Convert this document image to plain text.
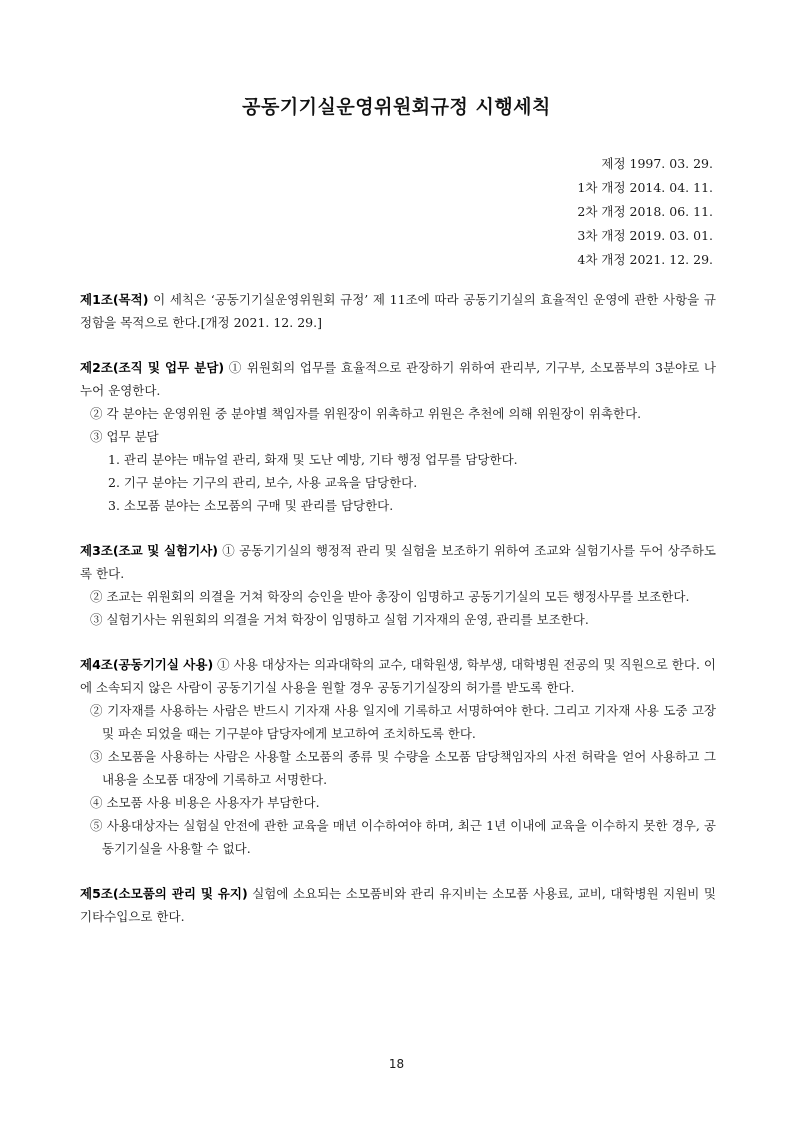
공동기기실운영위원회규정 시행세칙
제정 1997. 03. 29.
1차 개정 2014. 04. 11.
2차 개정 2018. 06. 11.
3차 개정 2019. 03. 01.
4차 개정 2021. 12. 29.

제1조(목적) 이 세칙은 ‘공동기기실운영위원회 규정’ 제 11조에 따라 공동기기실의 효율적인 운영에 관한 사항을 규정함을 목적으로 한다.[개정 2021. 12. 29.]

제2조(조직 및 업무 분담) ① 위원회의 업무를 효율적으로 관장하기 위하여 관리부, 기구부, 소모품부의 3분야로 나누어 운영한다.

② 각 분야는 운영위원 중 분야별 책임자를 위원장이 위촉하고 위원은 추천에 의해 위원장이 위촉한다.

③ 업무 분담

1. 관리 분야는 매뉴얼 관리, 화재 및 도난 예방, 기타 행정 업무를 담당한다.

2. 기구 분야는 기구의 관리, 보수, 사용 교육을 담당한다.

3. 소모품 분야는 소모품의 구매 및 관리를 담당한다.

제3조(조교 및 실험기사) ① 공동기기실의 행정적 관리 및 실험을 보조하기 위하여 조교와 실험기사를 두어 상주하도록 한다.

② 조교는 위원회의 의결을 거쳐 학장의 승인을 받아 총장이 임명하고 공동기기실의 모든 행정사무를 보조한다.

③ 실험기사는 위원회의 의결을 거쳐 학장이 임명하고 실험 기자재의 운영, 관리를 보조한다.

제4조(공동기기실 사용) ① 사용 대상자는 의과대학의 교수, 대학원생, 학부생, 대학병원 전공의 및 직원으로 한다. 이에 소속되지 않은 사람이 공동기기실 사용을 원할 경우 공동기기실장의 허가를 받도록 한다.

② 기자재를 사용하는 사람은 반드시 기자재 사용 일지에 기록하고 서명하여야 한다. 그리고 기자재 사용 도중 고장 및 파손 되었을 때는 기구분야 담당자에게 보고하여 조치하도록 한다.

③ 소모품을 사용하는 사람은 사용할 소모품의 종류 및 수량을 소모품 담당책임자의 사전 허락을 얻어 사용하고 그 내용을 소모품 대장에 기록하고 서명한다.

④ 소모품 사용 비용은 사용자가 부담한다.

⑤ 사용대상자는 실험실 안전에 관한 교육을 매년 이수하여야 하며, 최근 1년 이내에 교육을 이수하지 못한 경우, 공동기기실을 사용할 수 없다.

제5조(소모품의 관리 및 유지) 실험에 소요되는 소모품비와 관리 유지비는 소모품 사용료, 교비, 대학병원 지원비 및 기타수입으로 한다.

18
